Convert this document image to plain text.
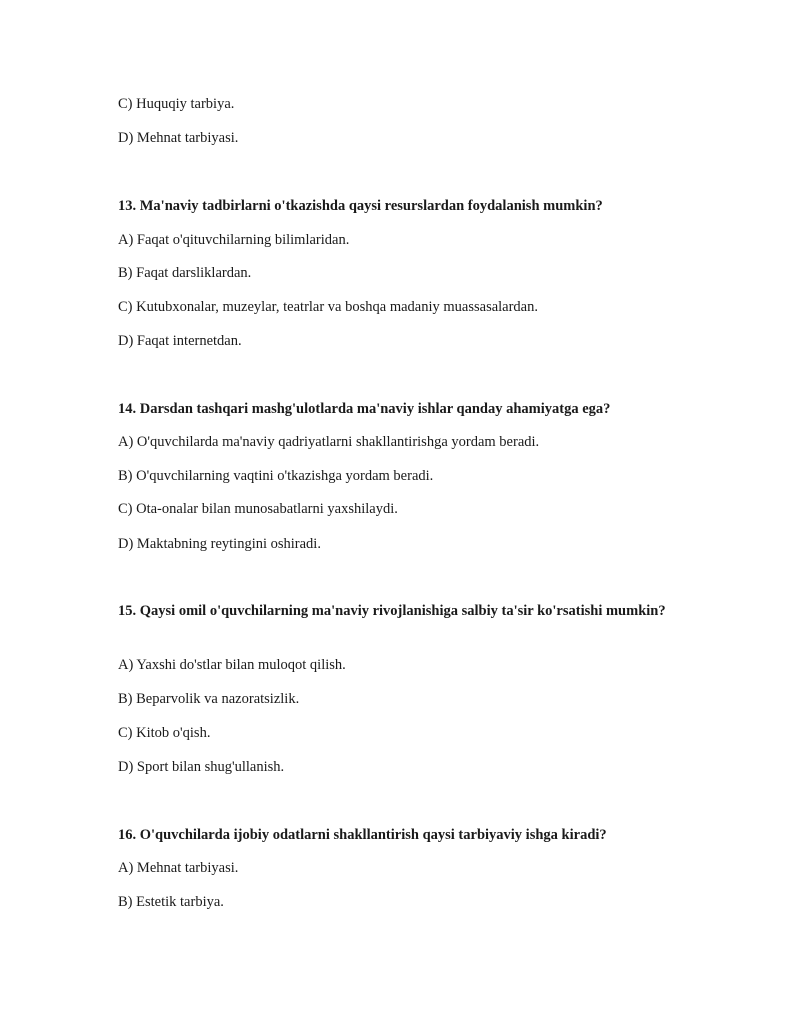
C) Huquqiy tarbiya.
D) Mehnat tarbiyasi.
13. Ma'naviy tadbirlarni o'tkazishda qaysi resurslardan foydalanish mumkin?
A) Faqat o'qituvchilarning bilimlaridan.
B) Faqat darsliklardan.
C) Kutubxonalar, muzeylar, teatrlar va boshqa madaniy muassasalardan.
D) Faqat internetdan.
14. Darsdan tashqari mashg'ulotlarda ma'naviy ishlar qanday ahamiyatga ega?
A) O'quvchilarda ma'naviy qadriyatlarni shakllantirishga yordam beradi.
B) O'quvchilarning vaqtini o'tkazishga yordam beradi.
C) Ota-onalar bilan munosabatlarni yaxshilaydi.
D) Maktabning reytingini oshiradi.
15. Qaysi omil o'quvchilarning ma'naviy rivojlanishiga salbiy ta'sir ko'rsatishi mumkin?
A) Yaxshi do'stlar bilan muloqot qilish.
B) Beparvolik va nazoratsizlik.
C) Kitob o'qish.
D) Sport bilan shug'ullanish.
16. O'quvchilarda ijobiy odatlarni shakllantirish qaysi tarbiyaviy ishga kiradi?
A) Mehnat tarbiyasi.
B) Estetik tarbiya.
